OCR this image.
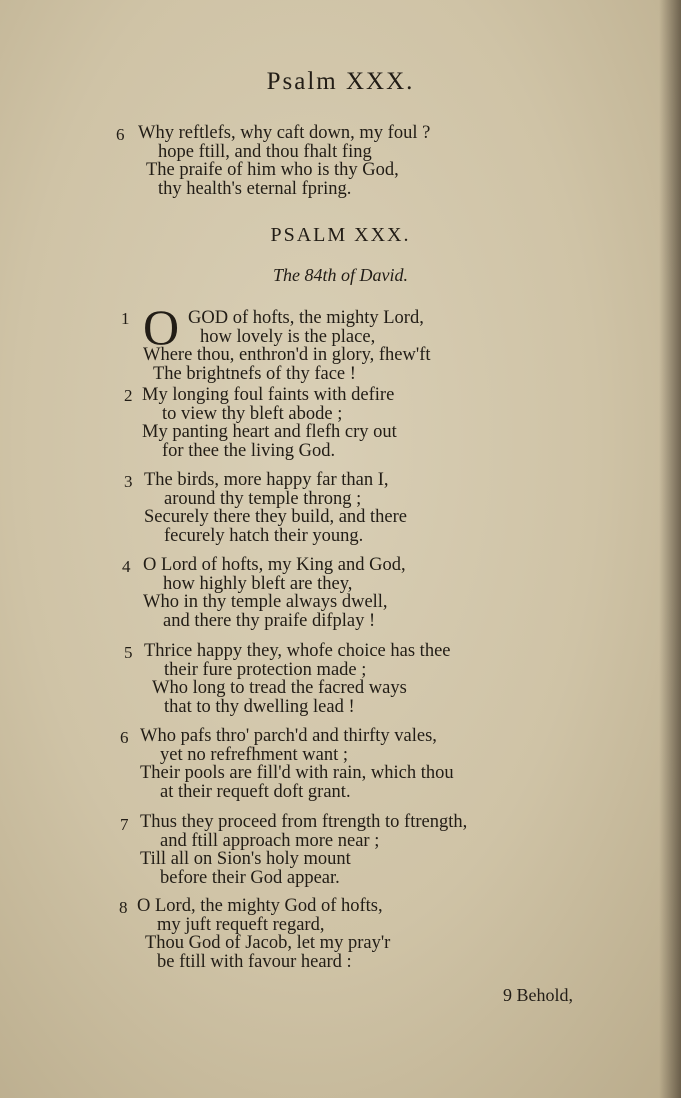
Psalm XXX.
6 Why reftlefs, why caft down, my foul ?
hope ftill, and thou fhalt fing
The praife of him who is thy God,
thy health's eternal fpring.
PSALM XXX.
The 84th of David.
1 O GOD of hofts, the mighty Lord,
how lovely is the place,
Where thou, enthron'd in glory, fhew'ft
The brightnefs of thy face !
2 My longing foul faints with defire
to view thy bleft abode ;
My panting heart and flefh cry out
for thee the living God.
3 The birds, more happy far than I,
around thy temple throng ;
Securely there they build, and there
fecurely hatch their young.
4 O Lord of hofts, my King and God,
how highly bleft are they,
Who in thy temple always dwell,
and there thy praife difplay !
5 Thrice happy they, whofe choice has thee
their fure protection made ;
Who long to tread the facred ways
that to thy dwelling lead !
6 Who pafs thro' parch'd and thirfty vales,
yet no refrefhment want ;
Their pools are fill'd with rain, which thou
at their requeft doft grant.
7 Thus they proceed from ftrength to ftrength,
and ftill approach more near ;
Till all on Sion's holy mount
before their God appear.
8 O Lord, the mighty God of hofts,
my juft requeft regard,
Thou God of Jacob, let my pray'r
be ftill with favour heard :
9 Behold,
